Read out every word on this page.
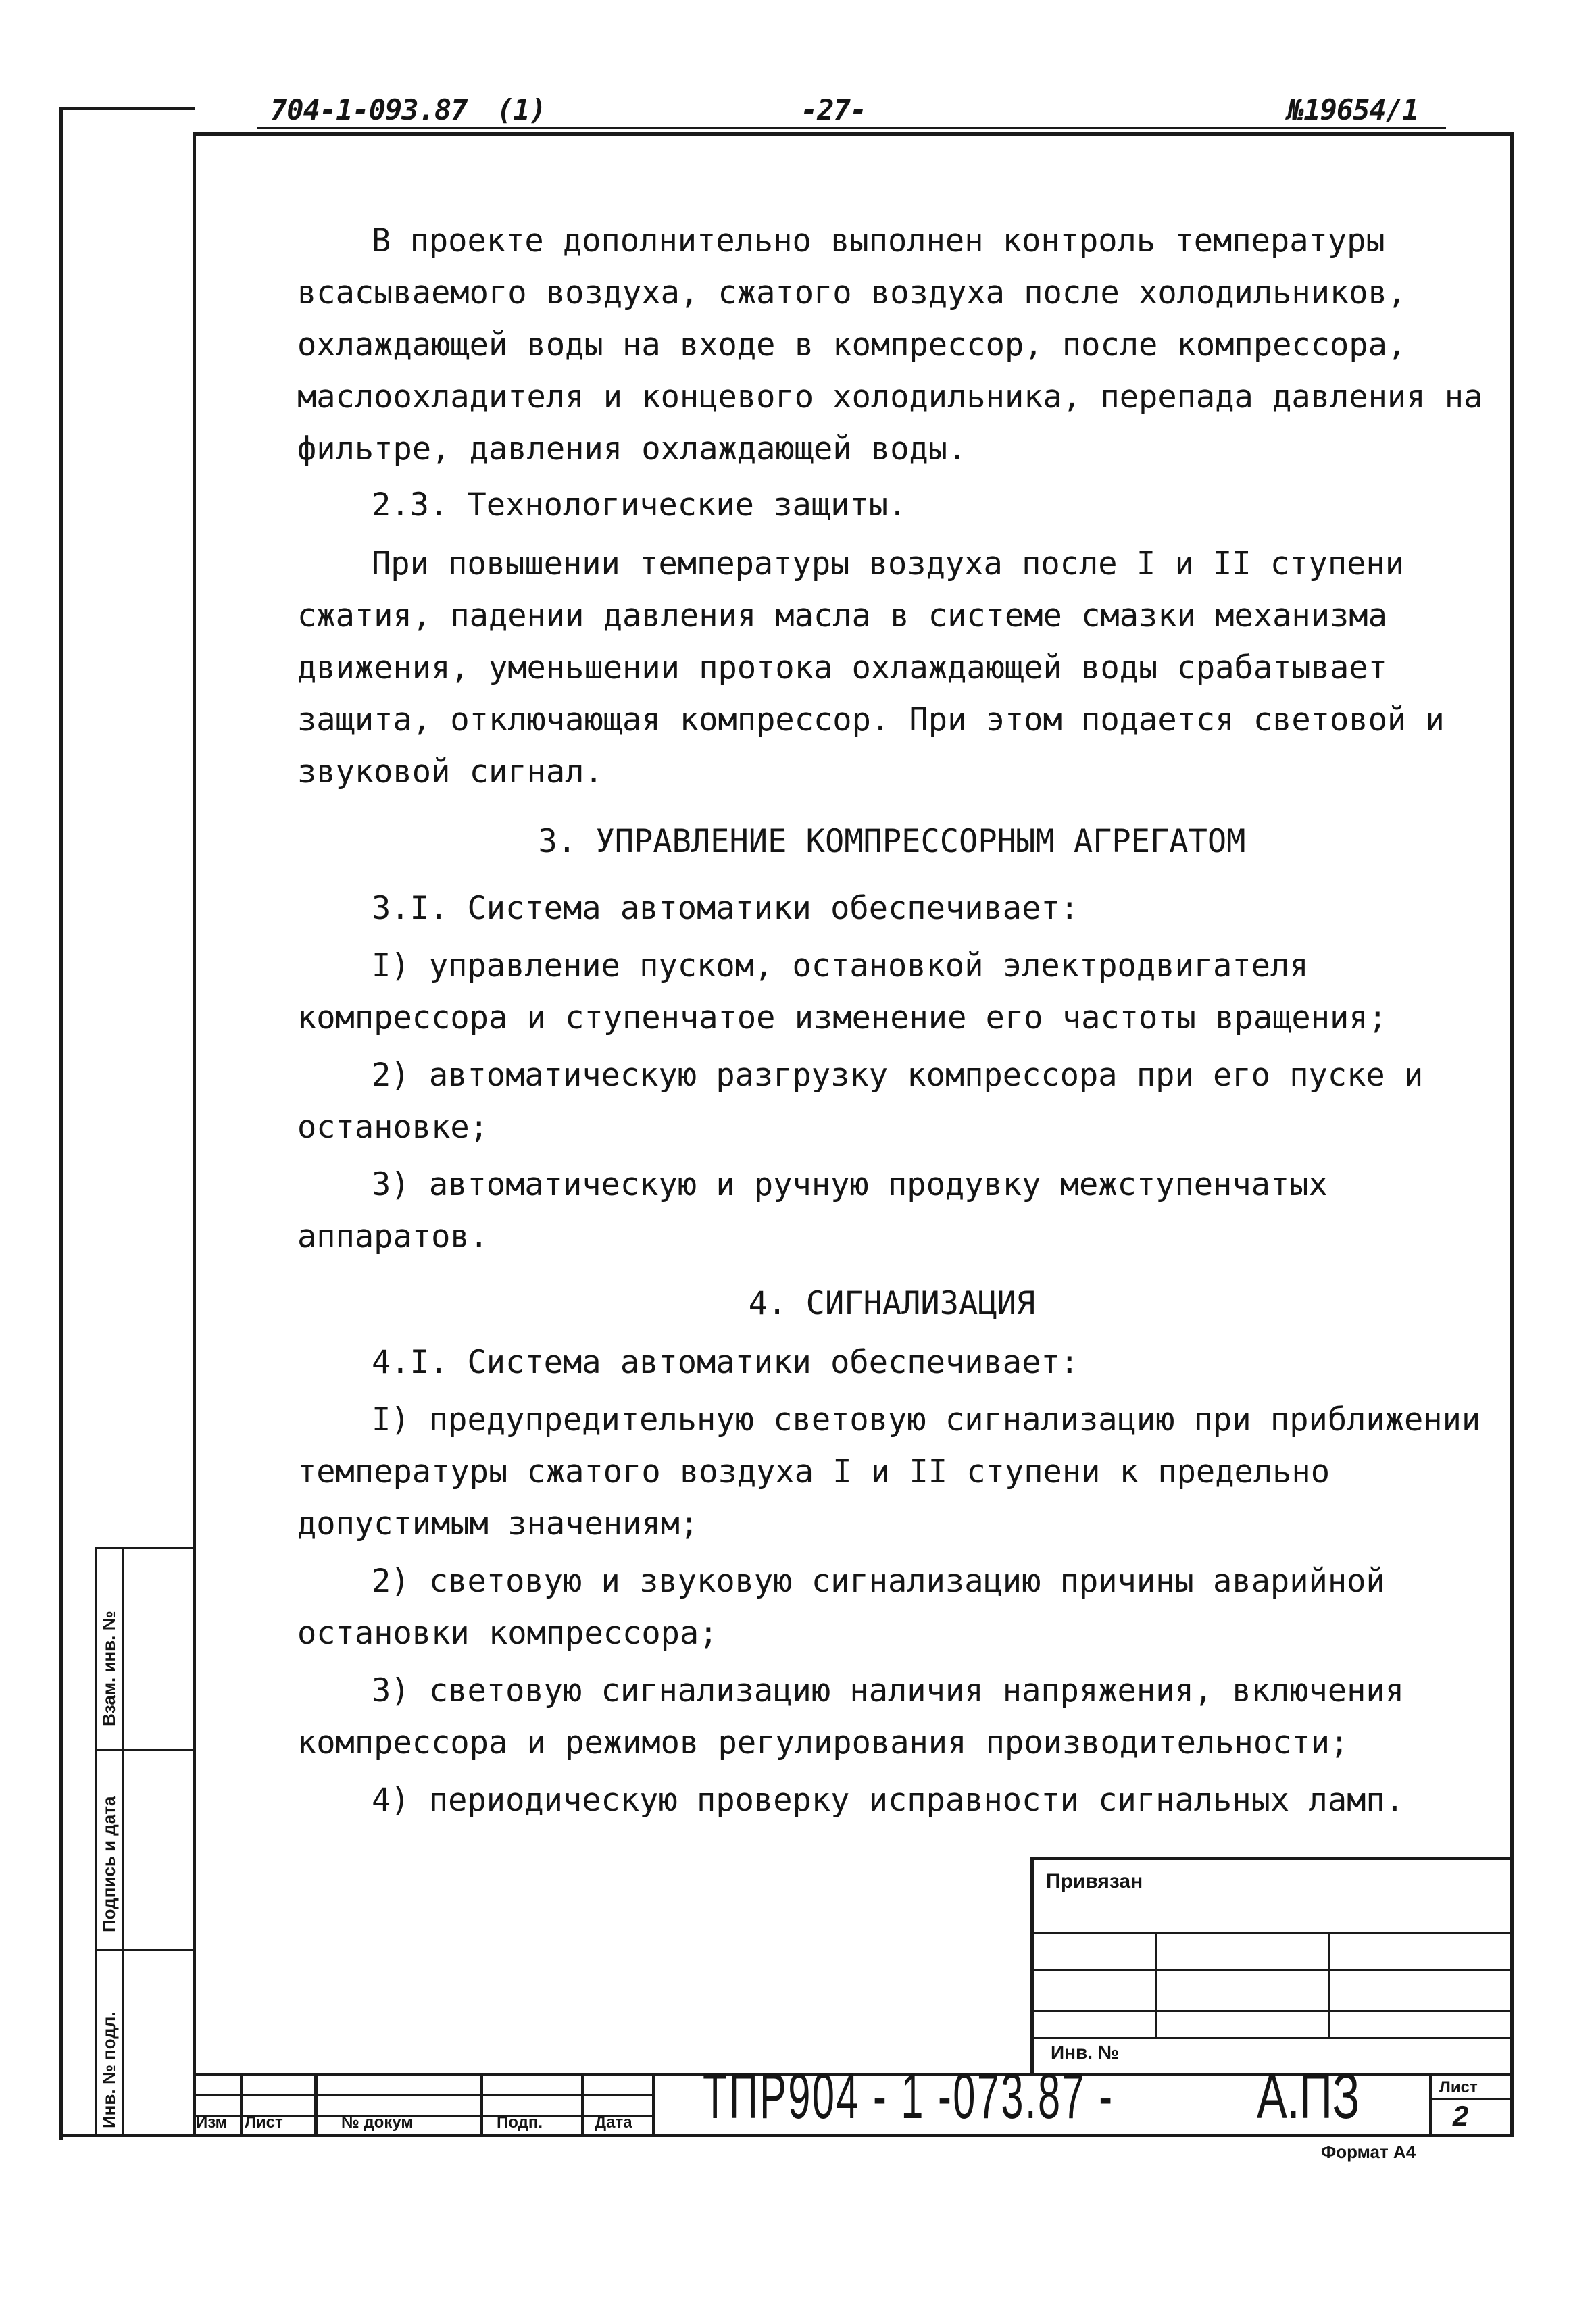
704-1-093.87 (1)	-27-	№19654/1

В проекте дополнительно выполнен контроль температуры всасываемого воздуха, сжатого воздуха после холодильников, охлаждающей воды на входе в компрессор, после компрессора, маслоохладителя и концевого холодильника, перепада давления на фильтре, давления охлаждающей воды.

2.3. Технологические защиты.

При повышении температуры воздуха после I и II ступени сжатия, падении давления масла в системе смазки механизма движения, уменьшении протока охлаждающей воды срабатывает защита, отключающая компрессор. При этом подается световой и звуковой сигнал.

3. УПРАВЛЕНИЕ КОМПРЕССОРНЫМ АГРЕГАТОМ

3.I. Система автоматики обеспечивает:

I) управление пуском, остановкой электродвигателя компрессора и ступенчатое изменение его частоты вращения;

2) автоматическую разгрузку компрессора при его пуске и остановке;

3) автоматическую и ручную продувку межступенчатых аппаратов.

4. СИГНАЛИЗАЦИЯ

4.I. Система автоматики обеспечивает:

I) предупредительную световую сигнализацию при приближении температуры сжатого воздуха I и II ступени к предельно допустимым значениям;

2) световую и звуковую сигнализацию причины аварийной остановки компрессора;

3) световую сигнализацию наличия напряжения, включения компрессора и режимов регулирования производительности;

4) периодическую проверку исправности сигнальных ламп.

Взам. инв. №
Подпись и дата
Инв. № подл.
Привязан
Инв. №
Изм Лист	№ докум	Подп.	Дата ТПР904 - 1 -073.87 - А.ПЗ	Лист
2
Формат А4
